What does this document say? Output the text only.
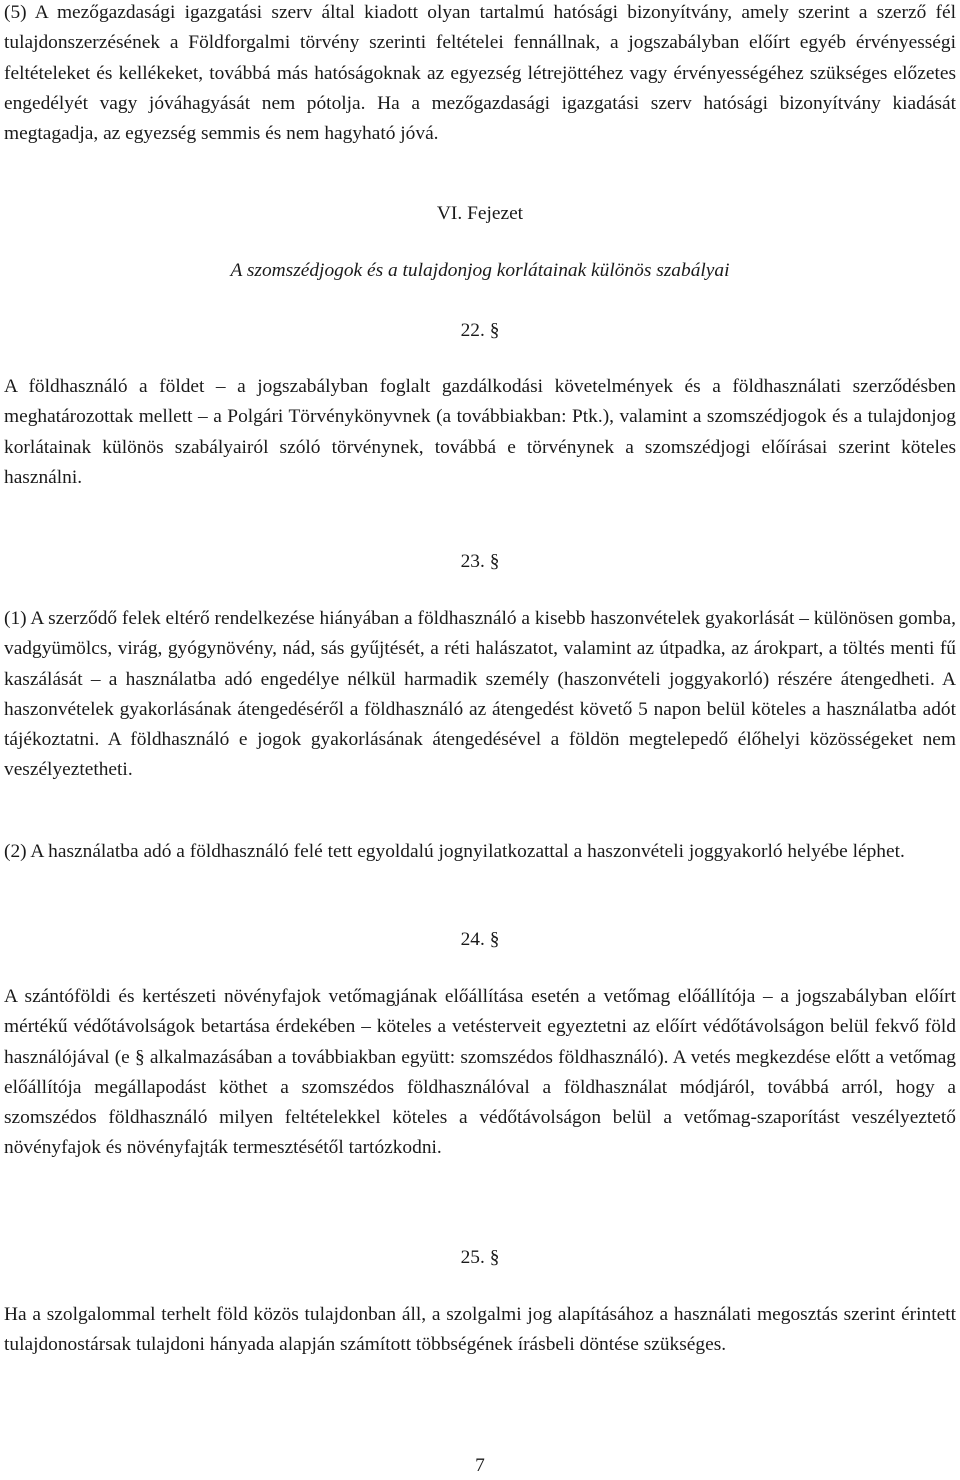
(5) A mezőgazdasági igazgatási szerv által kiadott olyan tartalmú hatósági bizonyítvány, amely szerint a szerző fél tulajdonszerzésének a Földforgalmi törvény szerinti feltételei fennállnak, a jogszabályban előírt egyéb érvényességi feltételeket és kellékeket, továbbá más hatóságoknak az egyezség létrejöttéhez vagy érvényességéhez szükséges előzetes engedélyét vagy jóváhagyását nem pótolja. Ha a mezőgazdasági igazgatási szerv hatósági bizonyítvány kiadását megtagadja, az egyezség semmis és nem hagyható jóvá.

VI. Fejezet

A szomszédjogok és a tulajdonjog korlátainak különös szabályai

22. §

A földhasználó a földet – a jogszabályban foglalt gazdálkodási követelmények és a földhasználati szerződésben meghatározottak mellett – a Polgári Törvénykönyvnek (a továbbiakban: Ptk.), valamint a szomszédjogok és a tulajdonjog korlátainak különös szabályairól szóló törvénynek, továbbá e törvénynek a szomszédjogi előírásai szerint köteles használni.

23. §

(1) A szerződő felek eltérő rendelkezése hiányában a földhasználó a kisebb haszonvételek gyakorlását – különösen gomba, vadgyümölcs, virág, gyógynövény, nád, sás gyűjtését, a réti halászatot, valamint az útpadka, az árokpart, a töltés menti fű kaszálását – a használatba adó engedélye nélkül harmadik személy (haszonvételi joggyakorló) részére átengedheti. A haszonvételek gyakorlásának átengedéséről a földhasználó az átengedést követő 5 napon belül köteles a használatba adót tájékoztatni. A földhasználó e jogok gyakorlásának átengedésével a földön megtelepedő élőhelyi közösségeket nem veszélyeztetheti.

(2) A használatba adó a földhasználó felé tett egyoldalú jognyilatkozattal a haszonvételi joggyakorló helyébe léphet.

24. §

A szántóföldi és kertészeti növényfajok vetőmagjának előállítása esetén a vetőmag előállítója – a jogszabályban előírt mértékű védőtávolságok betartása érdekében – köteles a vetésterveit egyeztetni az előírt védőtávolságon belül fekvő föld használójával (e § alkalmazásában a továbbiakban együtt: szomszédos földhasználó). A vetés megkezdése előtt a vetőmag előállítója megállapodást köthet a szomszédos földhasználóval a földhasználat módjáról, továbbá arról, hogy a szomszédos földhasználó milyen feltételekkel köteles a védőtávolságon belül a vetőmag-szaporítást veszélyeztető növényfajok és növényfajták termesztésétől tartózkodni.

25. §

Ha a szolgalommal terhelt föld közös tulajdonban áll, a szolgalmi jog alapításához a használati megosztás szerint érintett tulajdonostársak tulajdoni hányada alapján számított többségének írásbeli döntése szükséges.

7
